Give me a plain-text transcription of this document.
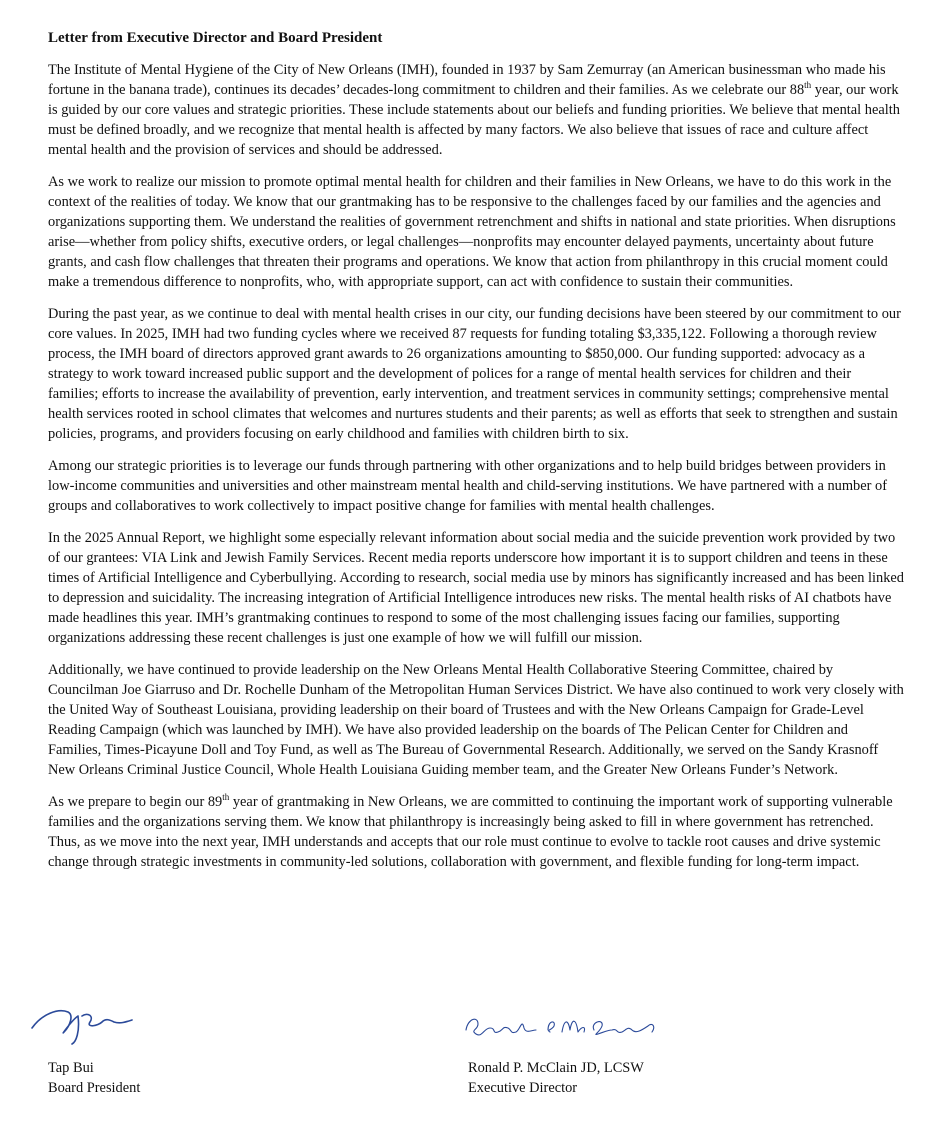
Letter from Executive Director and Board President

The Institute of Mental Hygiene of the City of New Orleans (IMH), founded in 1937 by Sam Zemurray (an American businessman who made his fortune in the banana trade), continues its decades’ decades-long commitment to children and their families. As we celebrate our 88th year, our work is guided by our core values and strategic priorities. These include statements about our beliefs and funding priorities. We believe that mental health must be defined broadly, and we recognize that mental health is affected by many factors. We also believe that issues of race and culture affect mental health and the provision of services and should be addressed.

As we work to realize our mission to promote optimal mental health for children and their families in New Orleans, we have to do this work in the context of the realities of today. We know that our grantmaking has to be responsive to the challenges faced by our families and the agencies and organizations supporting them. We understand the realities of government retrenchment and shifts in national and state priorities. When disruptions arise—whether from policy shifts, executive orders, or legal challenges—nonprofits may encounter delayed payments, uncertainty about future grants, and cash flow challenges that threaten their programs and operations. We know that action from philanthropy in this crucial moment could make a tremendous difference to nonprofits, who, with appropriate support, can act with confidence to sustain their communities.

During the past year, as we continue to deal with mental health crises in our city, our funding decisions have been steered by our commitment to our core values. In 2025, IMH had two funding cycles where we received 87 requests for funding totaling $3,335,122. Following a thorough review process, the IMH board of directors approved grant awards to 26 organizations amounting to $850,000. Our funding supported: advocacy as a strategy to work toward increased public support and the development of polices for a range of mental health services for children and their families; efforts to increase the availability of prevention, early intervention, and treatment services in community settings; comprehensive mental health services rooted in school climates that welcomes and nurtures students and their parents; as well as efforts that seek to strengthen and sustain policies, programs, and providers focusing on early childhood and families with children birth to six.

Among our strategic priorities is to leverage our funds through partnering with other organizations and to help build bridges between providers in low-income communities and universities and other mainstream mental health and child-serving institutions. We have partnered with a number of groups and collaboratives to work collectively to impact positive change for families with mental health challenges.

In the 2025 Annual Report, we highlight some especially relevant information about social media and the suicide prevention work provided by two of our grantees: VIA Link and Jewish Family Services. Recent media reports underscore how important it is to support children and teens in these times of Artificial Intelligence and Cyberbullying. According to research, social media use by minors has significantly increased and has been linked to depression and suicidality. The increasing integration of Artificial Intelligence introduces new risks. The mental health risks of AI chatbots have made headlines this year. IMH’s grantmaking continues to respond to some of the most challenging issues facing our families, supporting organizations addressing these recent challenges is just one example of how we will fulfill our mission.

Additionally, we have continued to provide leadership on the New Orleans Mental Health Collaborative Steering Committee, chaired by Councilman Joe Giarruso and Dr. Rochelle Dunham of the Metropolitan Human Services District. We have also continued to work very closely with the United Way of Southeast Louisiana, providing leadership on their board of Trustees and with the New Orleans Campaign for Grade-Level Reading Campaign (which was launched by IMH). We have also provided leadership on the boards of The Pelican Center for Children and Families, Times-Picayune Doll and Toy Fund, as well as The Bureau of Governmental Research. Additionally, we served on the Sandy Krasnoff New Orleans Criminal Justice Council, Whole Health Louisiana Guiding member team, and the Greater New Orleans Funder’s Network.

As we prepare to begin our 89th year of grantmaking in New Orleans, we are committed to continuing the important work of supporting vulnerable families and the organizations serving them. We know that philanthropy is increasingly being asked to fill in where government has retrenched. Thus, as we move into the next year, IMH understands and accepts that our role must continue to evolve to tackle root causes and drive systemic change through strategic investments in community-led solutions, collaboration with government, and flexible funding for long-term impact.

Tap Bui
Board President
Ronald P. McClain JD, LCSW
Executive Director
